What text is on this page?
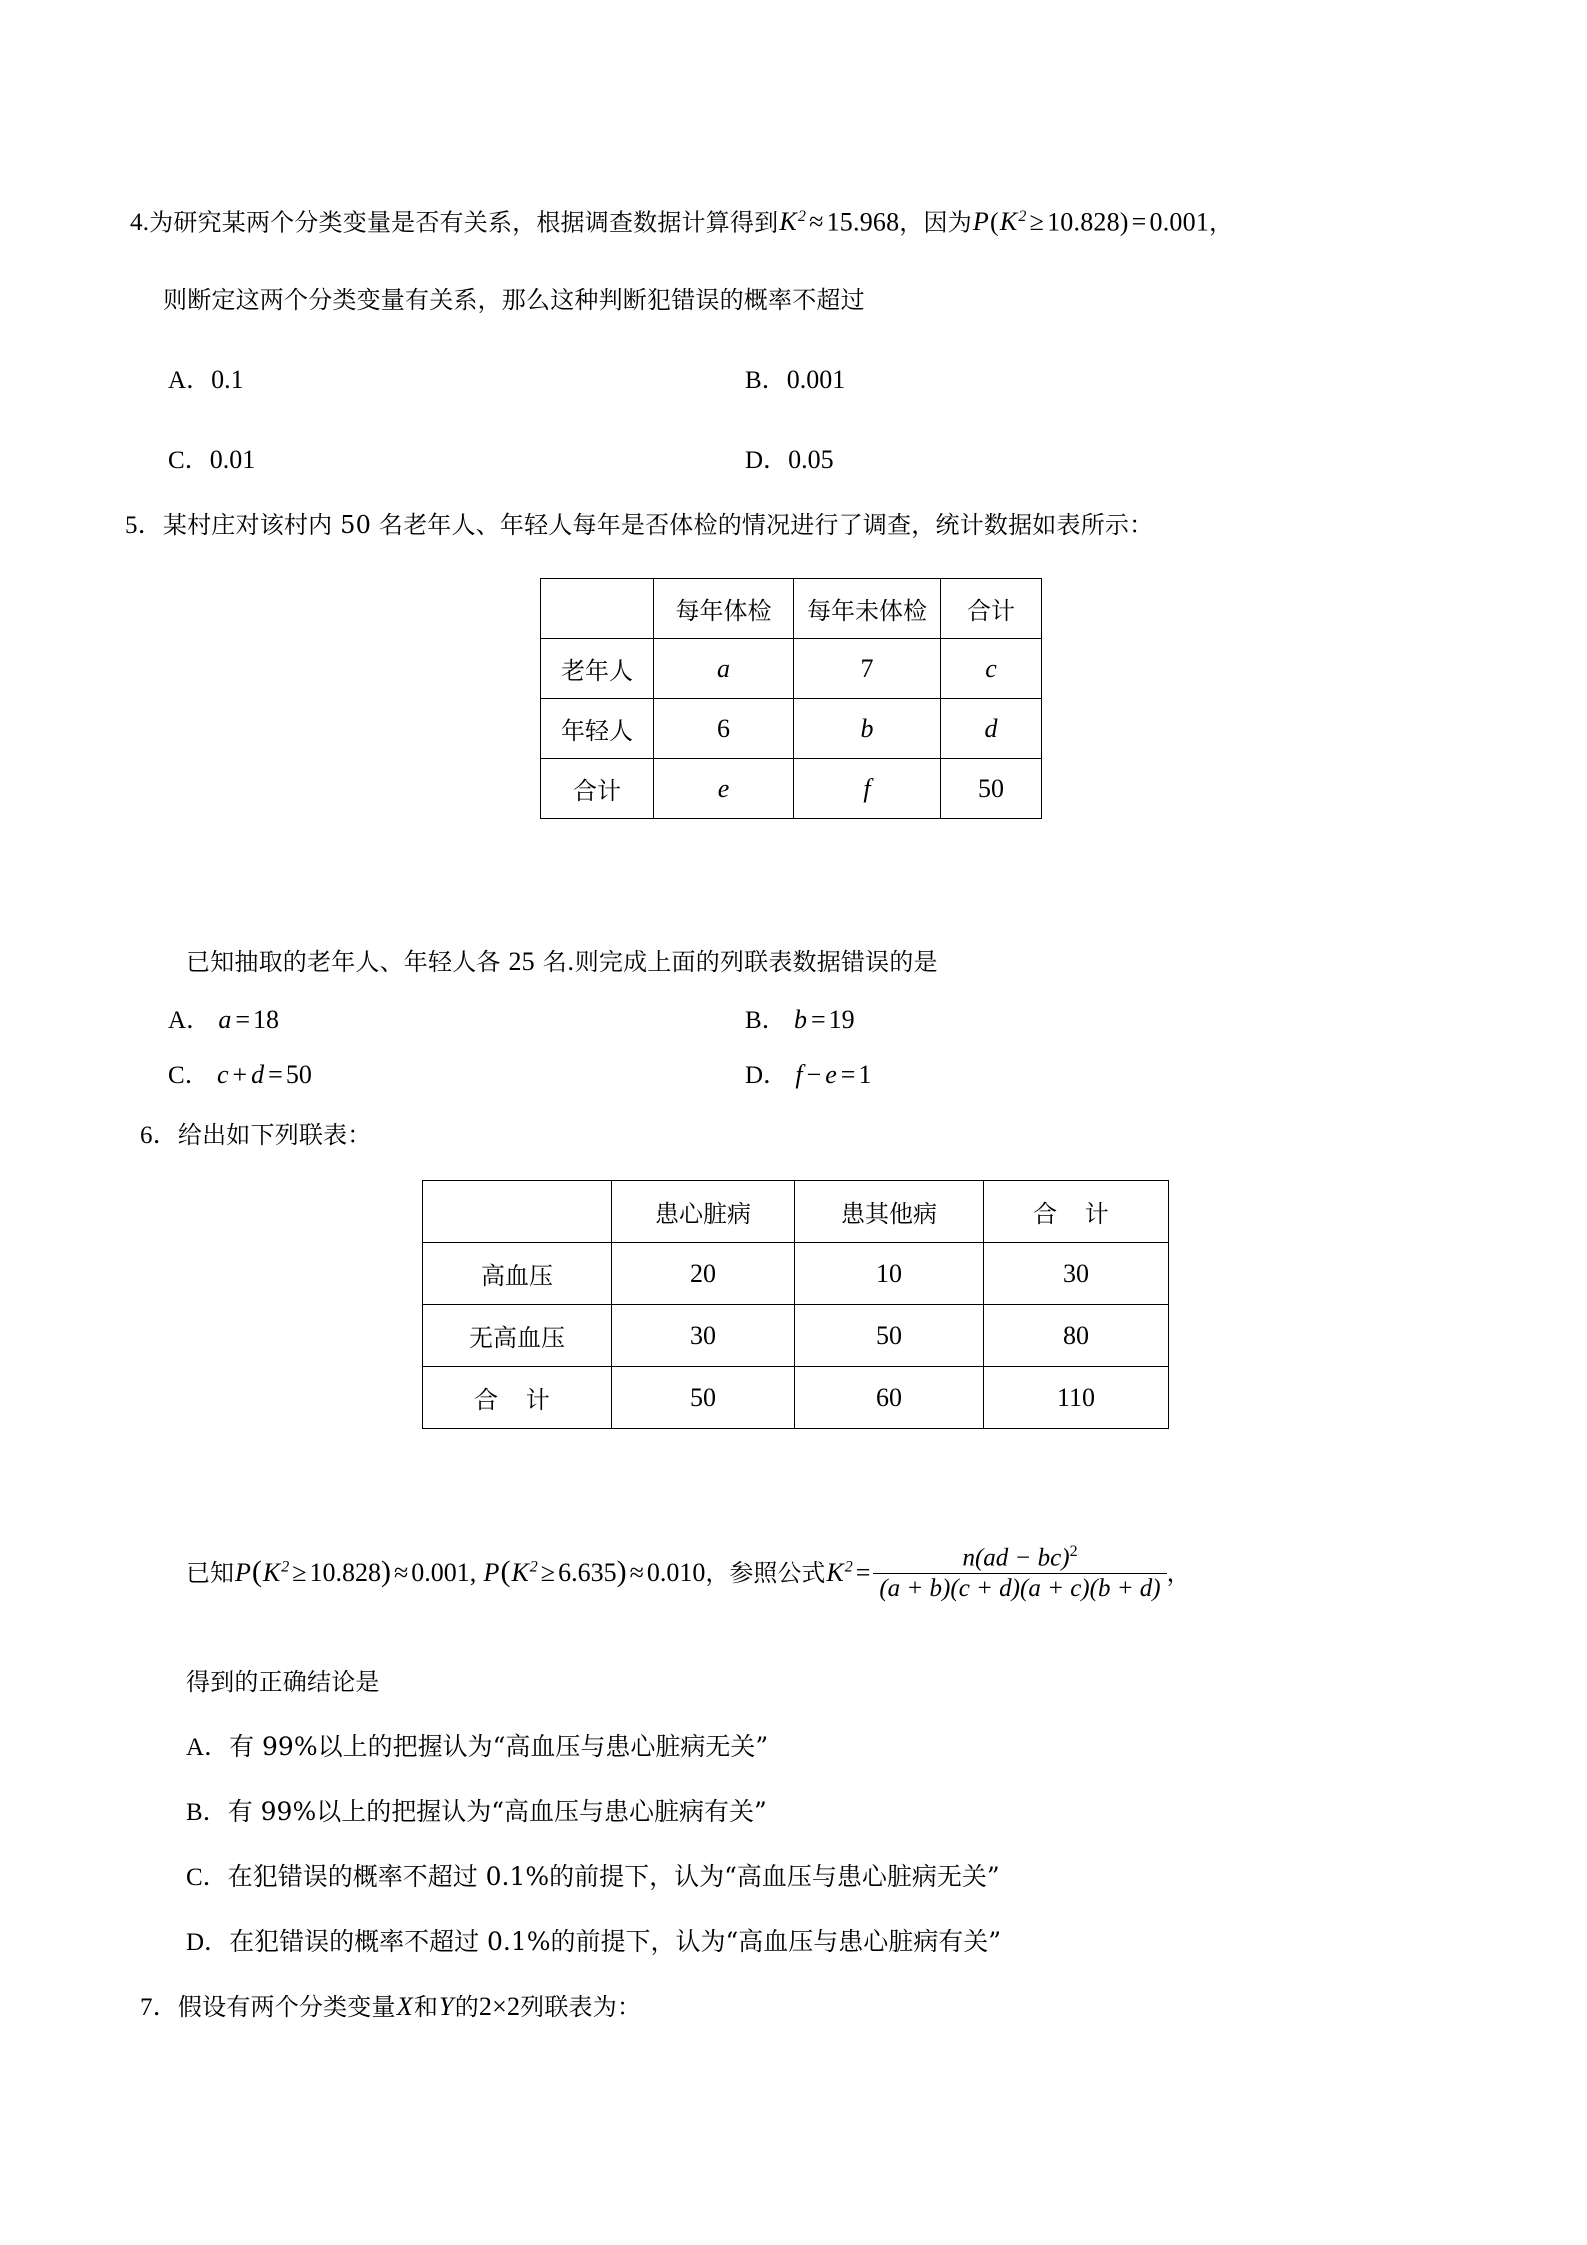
4.为研究某两个分类变量是否有关系，根据调查数据计算得到$K^2 \approx 15.968$，因为$P(K^2 \ge 10.828) = 0.001$，
则断定这两个分类变量有关系，那么这种判断犯错误的概率不超过
A．0.1	B．0.001
C．0.01	D．0.05
5．某村庄对该村内 50 名老年人、年轻人每年是否体检的情况进行了调查，统计数据如表所示：
	每年体检	每年未体检	合计
老年人	a	7	c
年轻人	6	b	d
合计	e	f	50
已知抽取的老年人、年轻人各 25 名.则完成上面的列联表数据错误的是
A． a = 18	B． b = 19
C． c + d = 50	D． f − e = 1
6．给出如下列联表：
	患心脏病	患其他病	合 计
高血压	20	10	30
无高血压	30	50	80
合 计	50	60	110
已知$P(K^2 \ge 10.828) \approx 0.001$, $P(K^2 \ge 6.635) \approx 0.010$，参照公式$K^2 = \frac{n(ad - bc)^2}{(a + b)(c + d)(a + c)(b + d)}$ ，
得到的正确结论是
A．有 99%以上的把握认为“高血压与患心脏病无关”
B．有 99%以上的把握认为“高血压与患心脏病有关”
C．在犯错误的概率不超过 0.1%的前提下，认为“高血压与患心脏病无关”
D．在犯错误的概率不超过 0.1%的前提下，认为“高血压与患心脏病有关”
7．假设有两个分类变量X和Y的2×2列联表为：
